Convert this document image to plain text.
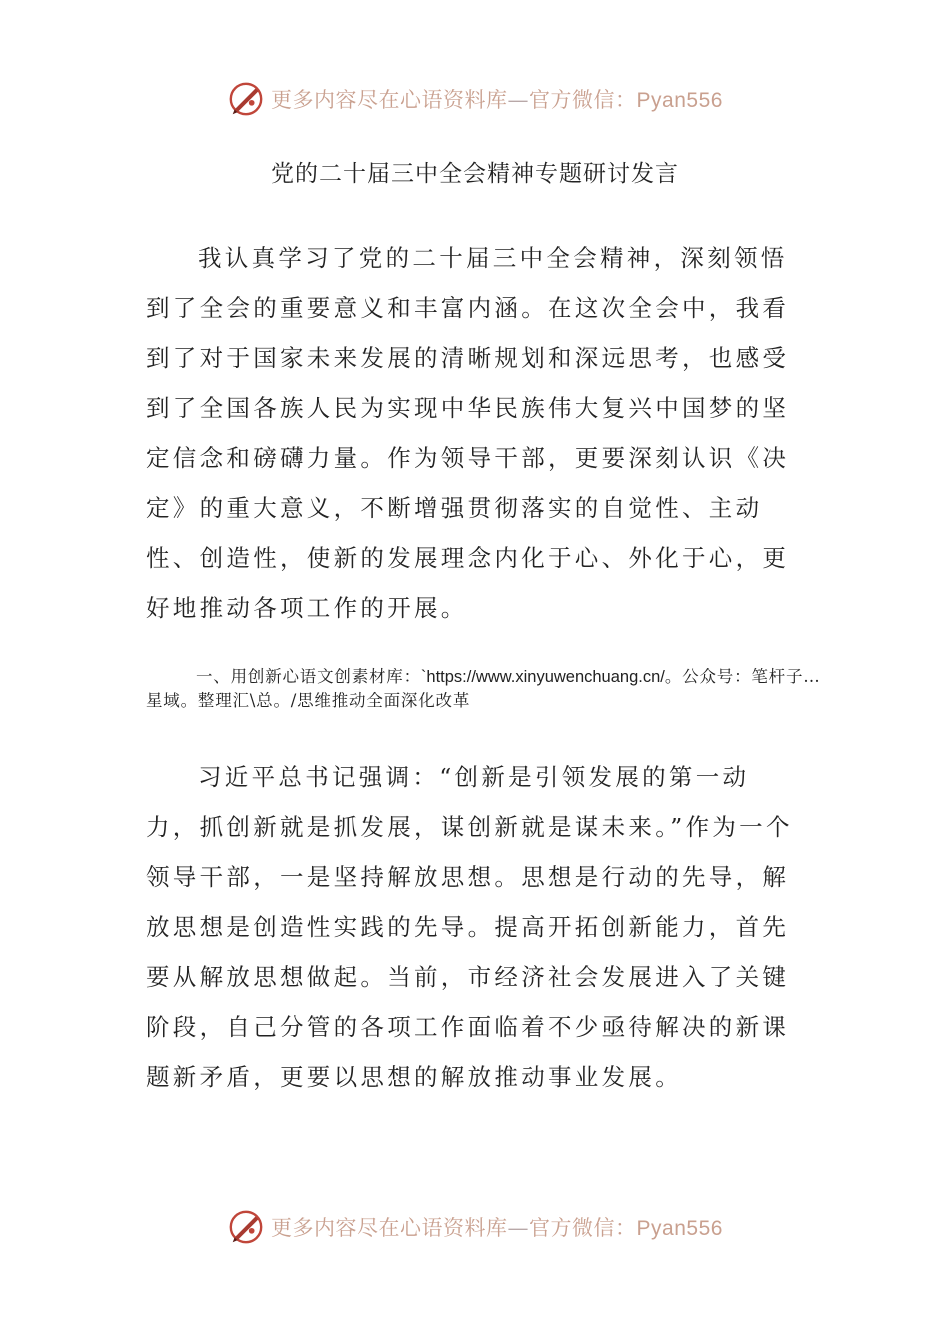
更多内容尽在心语资料库—官方微信：Pyan556
党的二十届三中全会精神专题研讨发言

我认真学习了党的二十届三中全会精神，深刻领悟到了全会的重要意义和丰富内涵。在这次全会中，我看到了对于国家未来发展的清晰规划和深远思考，也感受到了全国各族人民为实现中华民族伟大复兴中国梦的坚定信念和磅礴力量。作为领导干部，更要深刻认识《决定》的重大意义，不断增强贯彻落实的自觉性、主动性、创造性，使新的发展理念内化于心、外化于心，更好地推动各项工作的开展。

一、用创新心语文创素材库：`https://www.xinyuwenchuang.cn/。公众号：笔杆子…星域。整理汇\总。/思维推动全面深化改革

习近平总书记强调：“创新是引领发展的第一动力，抓创新就是抓发展，谋创新就是谋未来。”作为一个领导干部，一是坚持解放思想。思想是行动的先导，解放思想是创造性实践的先导。提高开拓创新能力，首先要从解放思想做起。当前，市经济社会发展进入了关键阶段，自己分管的各项工作面临着不少亟待解决的新课题新矛盾，更要以思想的解放推动事业发展。

更多内容尽在心语资料库—官方微信：Pyan556
